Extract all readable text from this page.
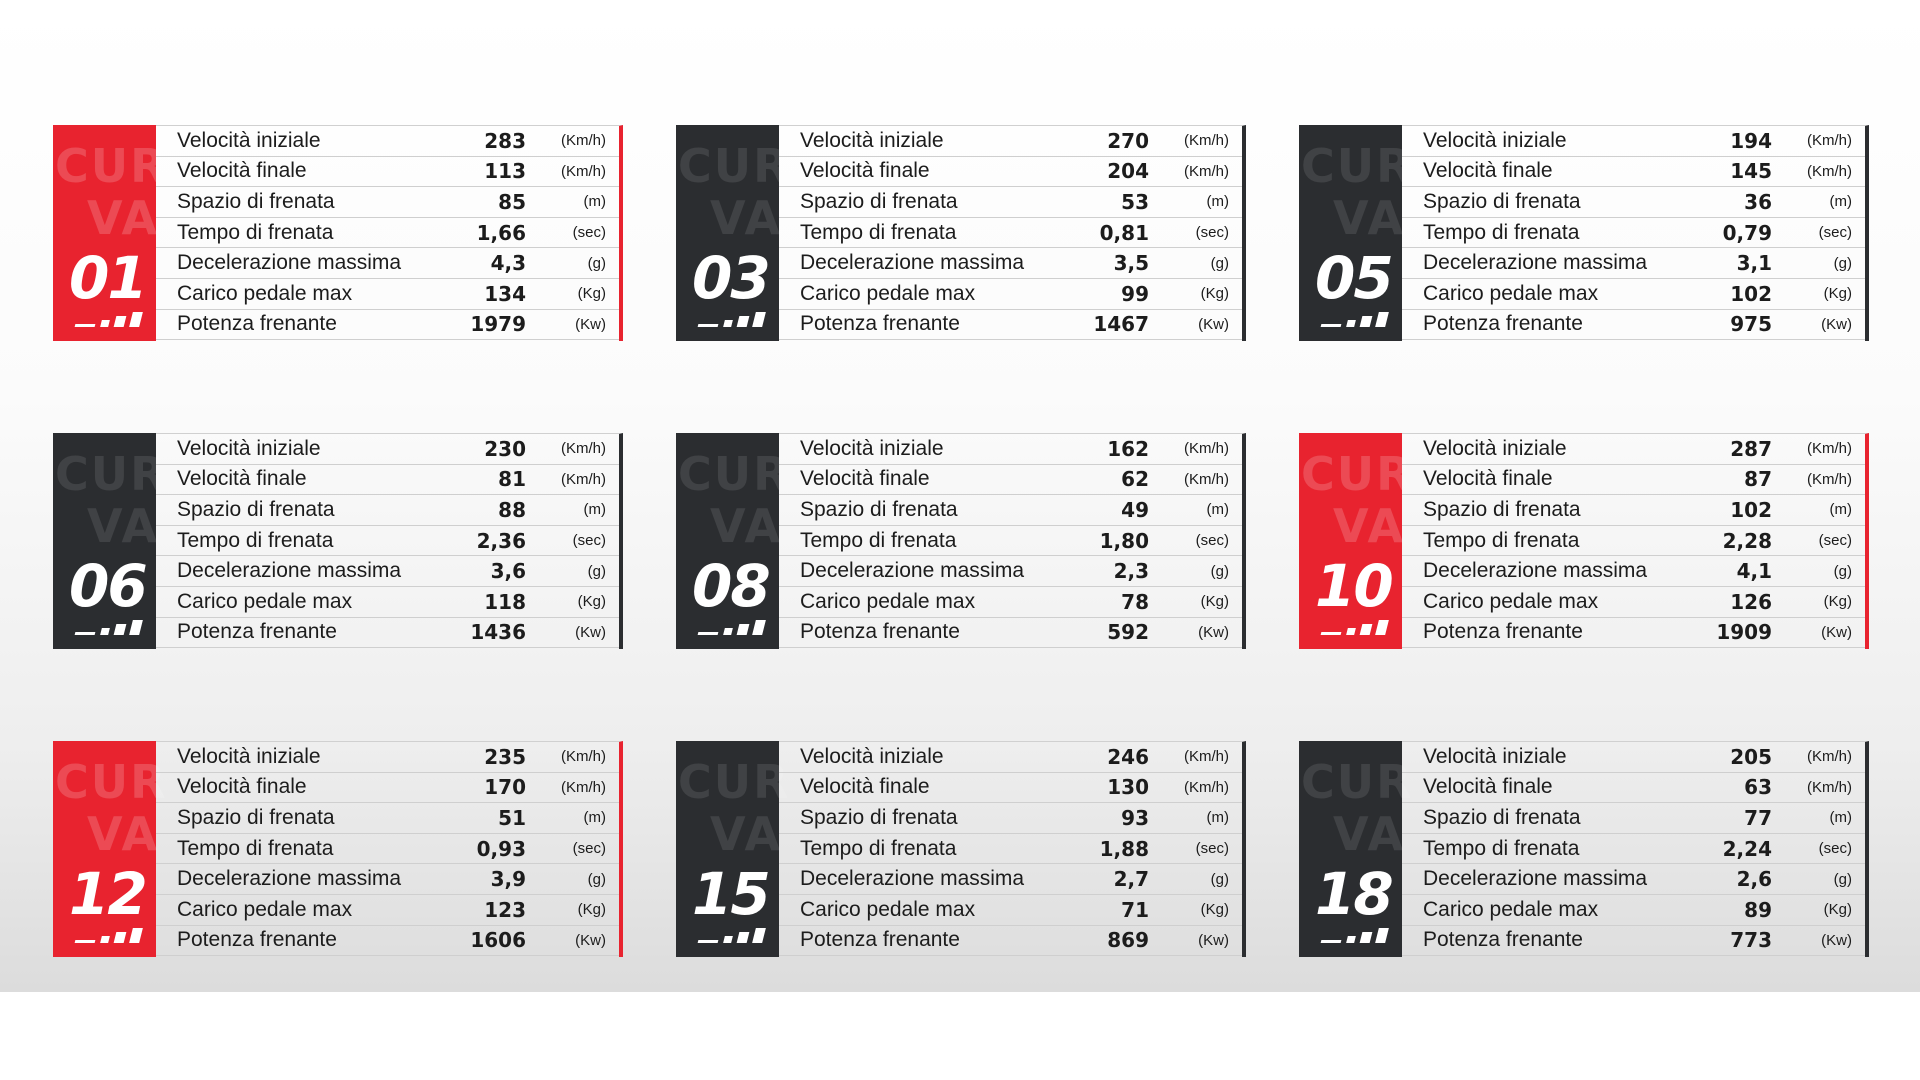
CUR
VA
01
Velocità iniziale	283	(Km/h)
Velocità finale	113	(Km/h)
Spazio di frenata	85	(m)
Tempo di frenata	1,66	(sec)
Decelerazione massima	4,3	(g)
Carico pedale max	134	(Kg)
Potenza frenante	1979	(Kw)
CUR
VA
03
Velocità iniziale	270	(Km/h)
Velocità finale	204	(Km/h)
Spazio di frenata	53	(m)
Tempo di frenata	0,81	(sec)
Decelerazione massima	3,5	(g)
Carico pedale max	99	(Kg)
Potenza frenante	1467	(Kw)
CUR
VA
05
Velocità iniziale	194	(Km/h)
Velocità finale	145	(Km/h)
Spazio di frenata	36	(m)
Tempo di frenata	0,79	(sec)
Decelerazione massima	3,1	(g)
Carico pedale max	102	(Kg)
Potenza frenante	975	(Kw)
CUR
VA
06
Velocità iniziale	230	(Km/h)
Velocità finale	81	(Km/h)
Spazio di frenata	88	(m)
Tempo di frenata	2,36	(sec)
Decelerazione massima	3,6	(g)
Carico pedale max	118	(Kg)
Potenza frenante	1436	(Kw)
CUR
VA
08
Velocità iniziale	162	(Km/h)
Velocità finale	62	(Km/h)
Spazio di frenata	49	(m)
Tempo di frenata	1,80	(sec)
Decelerazione massima	2,3	(g)
Carico pedale max	78	(Kg)
Potenza frenante	592	(Kw)
CUR
VA
10
Velocità iniziale	287	(Km/h)
Velocità finale	87	(Km/h)
Spazio di frenata	102	(m)
Tempo di frenata	2,28	(sec)
Decelerazione massima	4,1	(g)
Carico pedale max	126	(Kg)
Potenza frenante	1909	(Kw)
CUR
VA
12
Velocità iniziale	235	(Km/h)
Velocità finale	170	(Km/h)
Spazio di frenata	51	(m)
Tempo di frenata	0,93	(sec)
Decelerazione massima	3,9	(g)
Carico pedale max	123	(Kg)
Potenza frenante	1606	(Kw)
CUR
VA
15
Velocità iniziale	246	(Km/h)
Velocità finale	130	(Km/h)
Spazio di frenata	93	(m)
Tempo di frenata	1,88	(sec)
Decelerazione massima	2,7	(g)
Carico pedale max	71	(Kg)
Potenza frenante	869	(Kw)
CUR
VA
18
Velocità iniziale	205	(Km/h)
Velocità finale	63	(Km/h)
Spazio di frenata	77	(m)
Tempo di frenata	2,24	(sec)
Decelerazione massima	2,6	(g)
Carico pedale max	89	(Kg)
Potenza frenante	773	(Kw)
